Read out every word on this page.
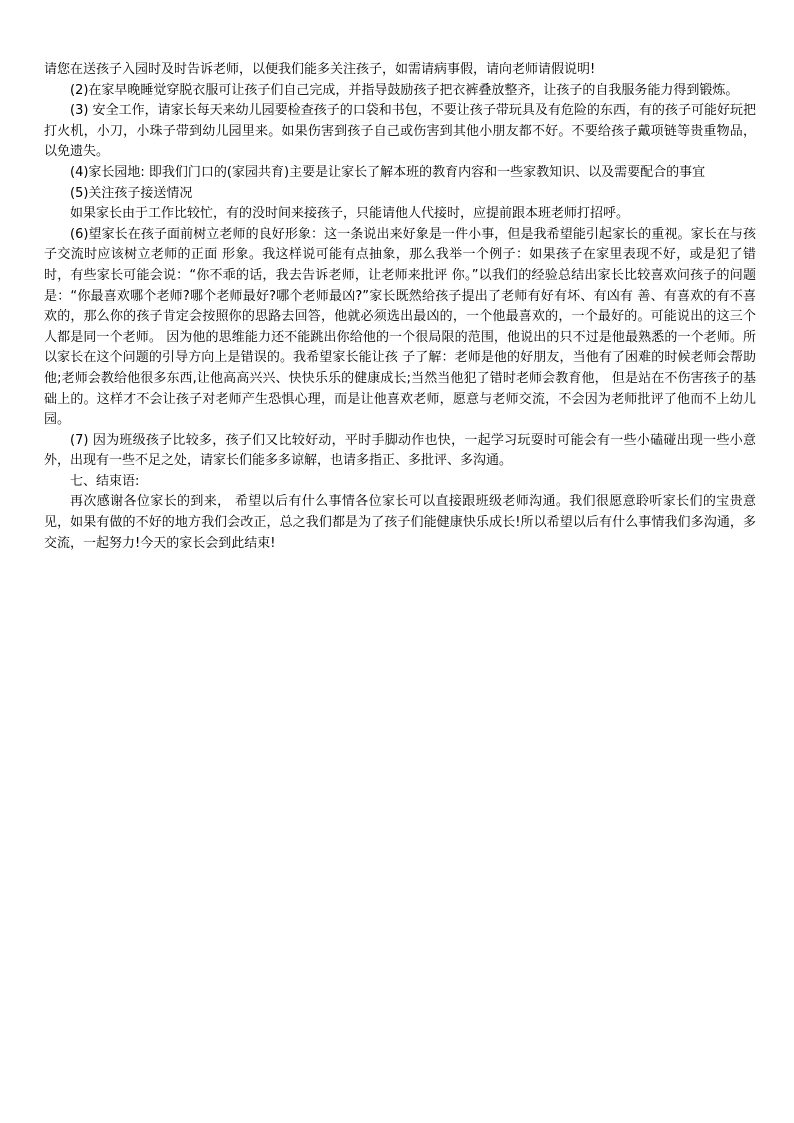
请您在送孩子入园时及时告诉老师，以便我们能多关注孩子，如需请病事假，请向老师请假说明!

(2)在家早晚睡觉穿脱衣服可让孩子们自己完成，并指导鼓励孩子把衣裤叠放整齐，让孩子的自我服务能力得到锻炼。

(3) 安全工作，请家长每天来幼儿园要检查孩子的口袋和书包，不要让孩子带玩具及有危险的东西，有的孩子可能好玩把打火机，小刀，小珠子带到幼儿园里来。如果伤害到孩子自己或伤害到其他小朋友都不好。不要给孩子戴项链等贵重物品，以免遗失。

(4)家长园地: 即我们门口的(家园共育)主要是让家长了解本班的教育内容和一些家教知识、以及需要配合的事宜

(5)关注孩子接送情况

如果家长由于工作比较忙，有的没时间来接孩子，只能请他人代接时，应提前跟本班老师打招呼。

(6)望家长在孩子面前树立老师的良好形象：这一条说出来好象是一件小事，但是我希望能引起家长的重视。家长在与孩子交流时应该树立老师的正面 形象。我这样说可能有点抽象，那么我举一个例子：如果孩子在家里表现不好，或是犯了错时，有些家长可能会说：“你不乖的话，我去告诉老师，让老师来批评 你。”以我们的经验总结出家长比较喜欢问孩子的问题是：“你最喜欢哪个老师?哪个老师最好?哪个老师最凶?”家长既然给孩子提出了老师有好有坏、有凶有 善、有喜欢的有不喜欢的，那么你的孩子肯定会按照你的思路去回答，他就必须选出最凶的，一个他最喜欢的，一个最好的。可能说出的这三个人都是同一个老师。 因为他的思维能力还不能跳出你给他的一个很局限的范围，他说出的只不过是他最熟悉的一个老师。所以家长在这个问题的引导方向上是错误的。我希望家长能让孩 子了解：老师是他的好朋友，当他有了困难的时候老师会帮助他;老师会教给他很多东西,让他高高兴兴、快快乐乐的健康成长;当然当他犯了错时老师会教育他， 但是站在不伤害孩子的基础上的。这样才不会让孩子对老师产生恐惧心理，而是让他喜欢老师，愿意与老师交流，不会因为老师批评了他而不上幼儿园。

(7) 因为班级孩子比较多，孩子们又比较好动，平时手脚动作也快，一起学习玩耍时可能会有一些小磕碰出现一些小意外，出现有一些不足之处，请家长们能多多谅解，也请多指正、多批评、多沟通。

七、结束语:

再次感谢各位家长的到来， 希望以后有什么事情各位家长可以直接跟班级老师沟通。我们很愿意聆听家长们的宝贵意见，如果有做的不好的地方我们会改正，总之我们都是为了孩子们能健康快乐成长!所以希望以后有什么事情我们多沟通，多交流，一起努力!今天的家长会到此结束!
